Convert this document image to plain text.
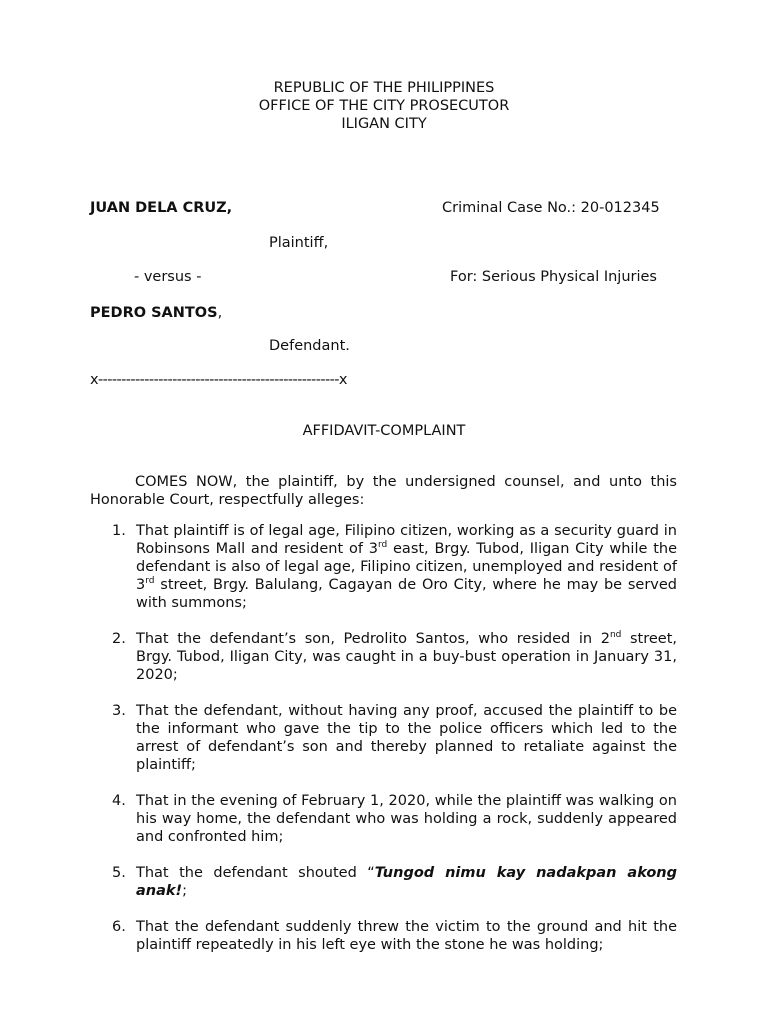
REPUBLIC OF THE PHILIPPINES
OFFICE OF THE CITY PROSECUTOR
ILIGAN CITY
JUAN DELA CRUZ,	Criminal Case No.: 20-012345
Plaintiff,
- versus -	For: Serious Physical Injuries
PEDRO SANTOS,
Defendant.
x----------------------------------------------------x
AFFIDAVIT-COMPLAINT
COMES NOW, the plaintiff, by the undersigned counsel, and unto this Honorable Court, respectfully alleges:
1. That plaintiff is of legal age, Filipino citizen, working as a security guard in Robinsons Mall and resident of 3rd east, Brgy. Tubod, Iligan City while the defendant is also of legal age, Filipino citizen, unemployed and resident of 3rd street, Brgy. Balulang, Cagayan de Oro City, where he may be served with summons;
2. That the defendant’s son, Pedrolito Santos, who resided in 2nd street, Brgy. Tubod, Iligan City, was caught in a buy-bust operation in January 31, 2020;
3. That the defendant, without having any proof, accused the plaintiff to be the informant who gave the tip to the police officers which led to the arrest of defendant’s son and thereby planned to retaliate against the plaintiff;
4. That in the evening of February 1, 2020, while the plaintiff was walking on his way home, the defendant who was holding a rock, suddenly appeared and confronted him;
5. That the defendant shouted “Tungod nimu kay nadakpan akong anak!;
6. That the defendant suddenly threw the victim to the ground and hit the plaintiff repeatedly in his left eye with the stone he was holding;
